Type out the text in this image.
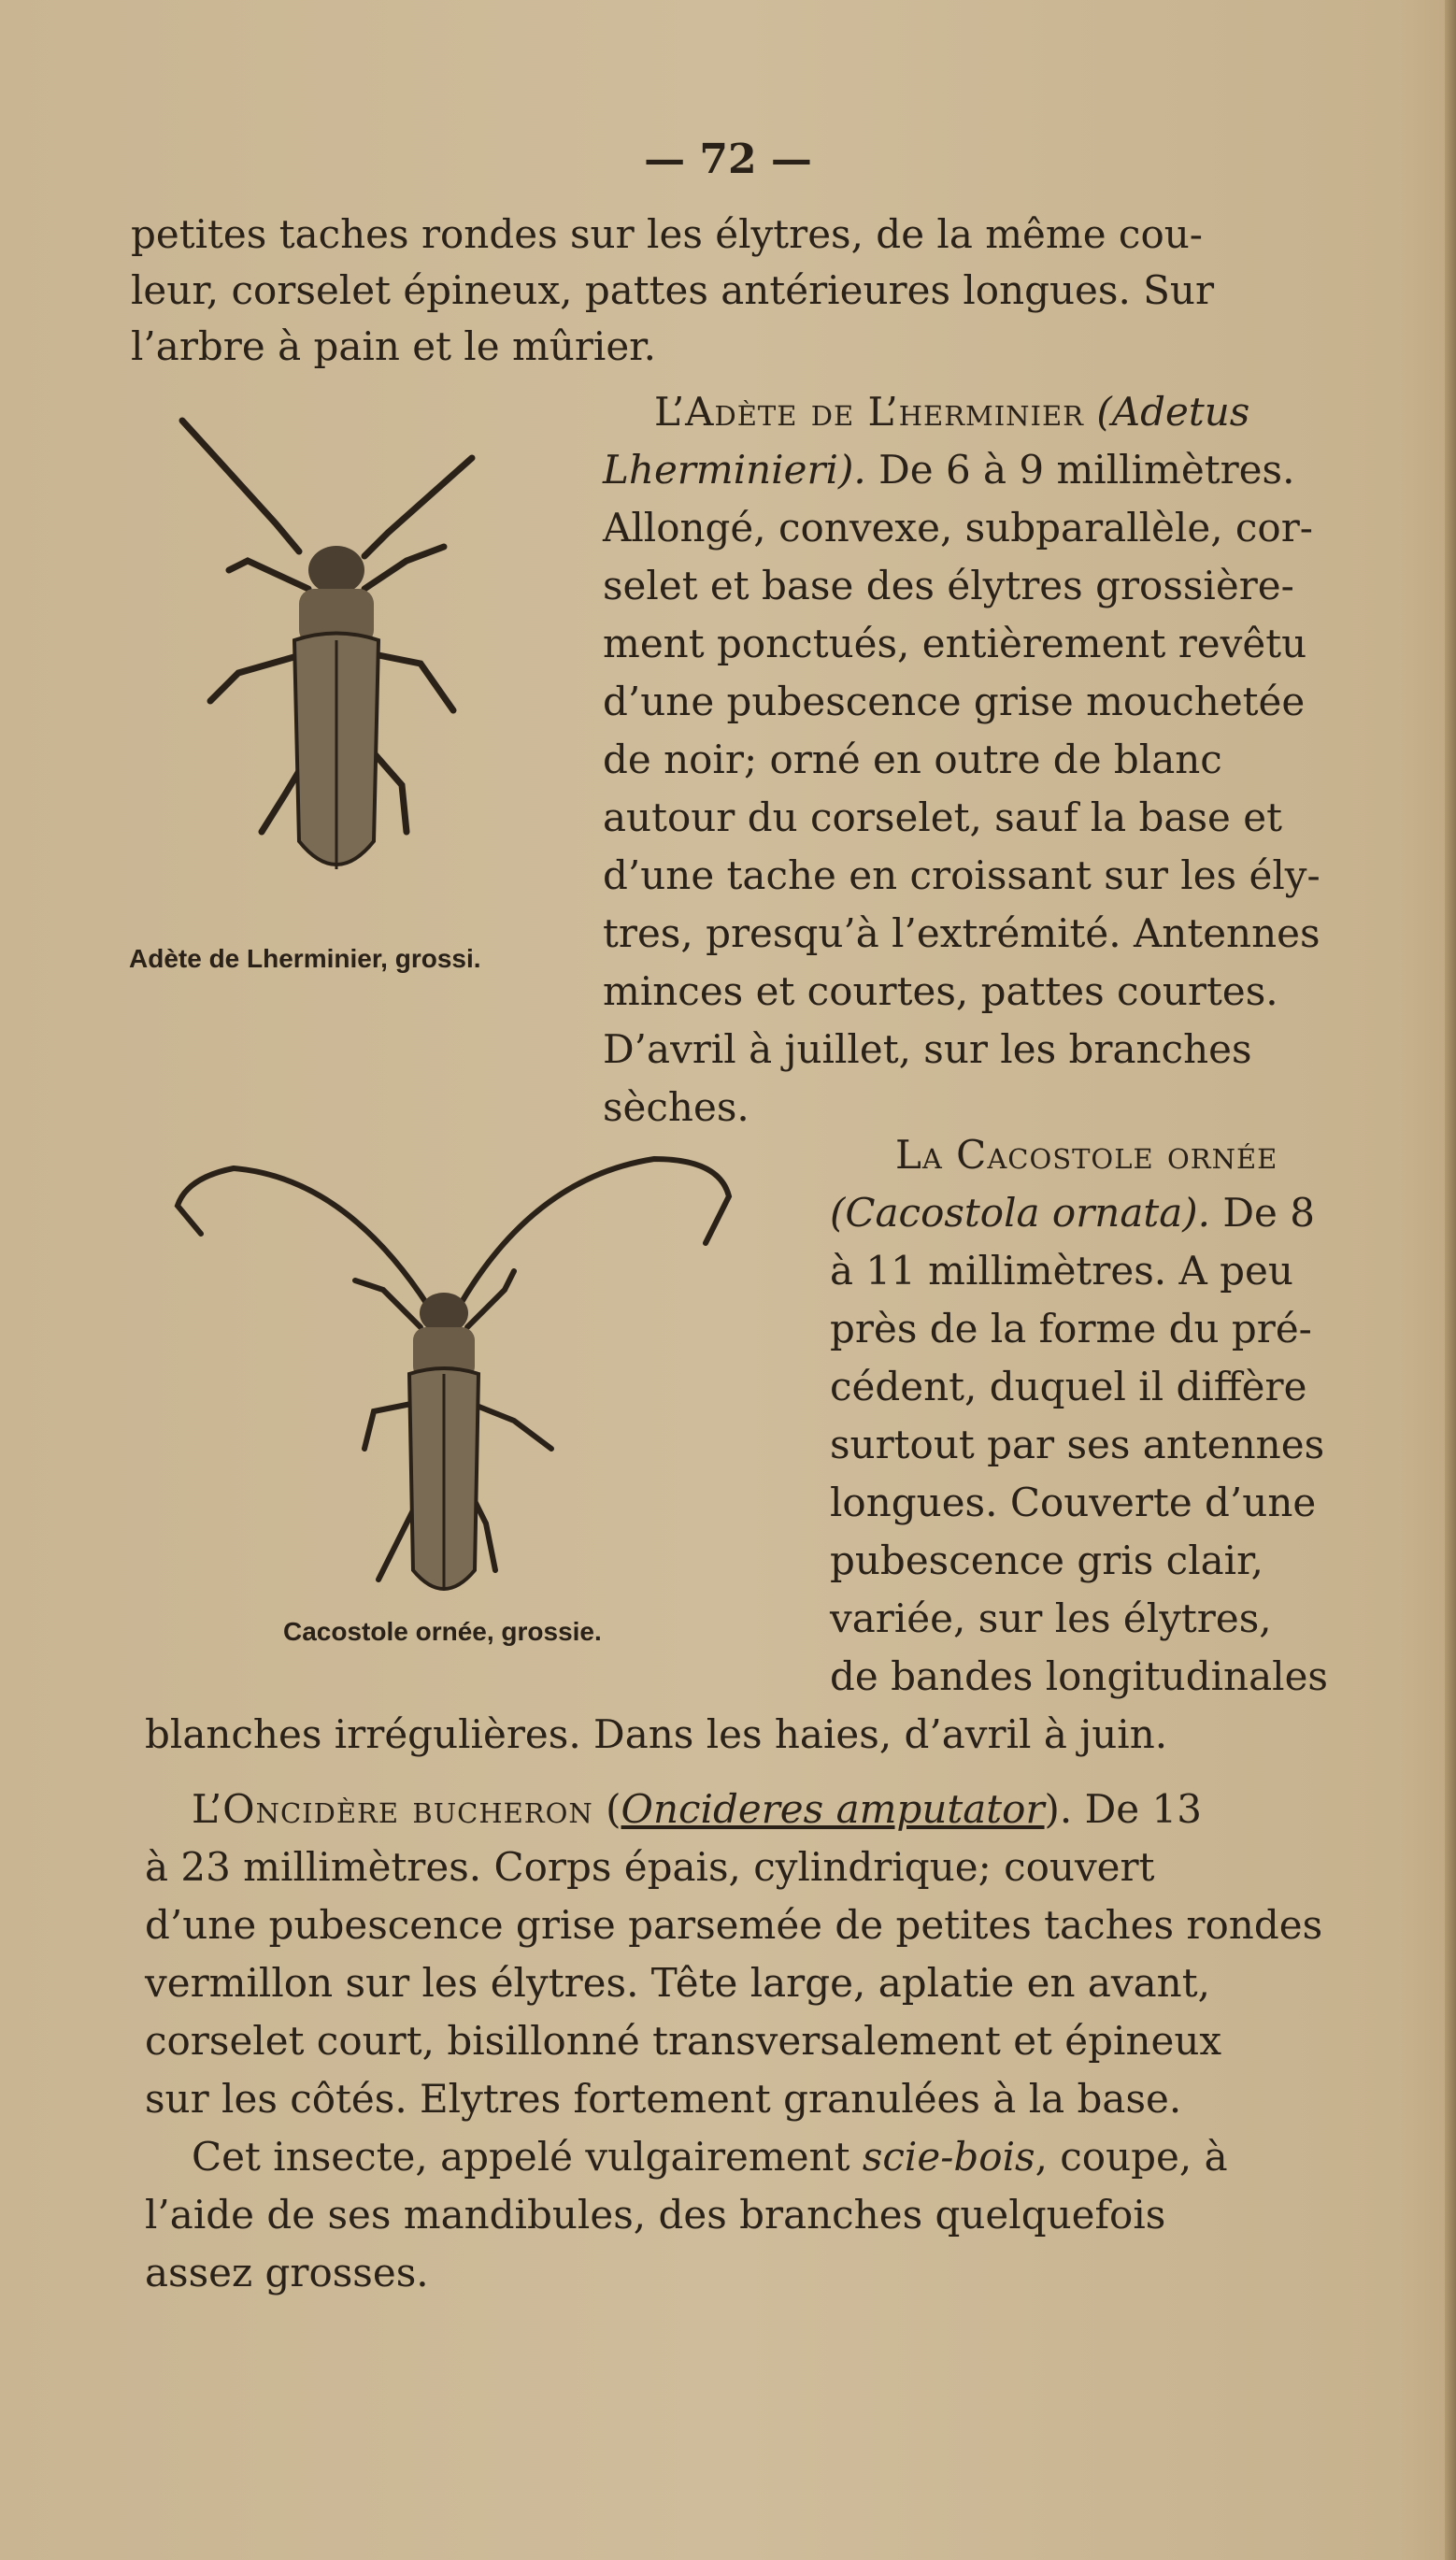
— 72 —

petites taches rondes sur les élytres, de la même cou-

leur, corselet épineux, pattes antérieures longues. Sur

l’arbre à pain et le mûrier.

Adète de Lherminier, grossi.

L’Adète de L’herminier (Adetus

Lherminieri). De 6 à 9 millimètres.

Allongé, convexe, subparallèle, cor-

selet et base des élytres grossière-

ment ponctués, entièrement revêtu

d’une pubescence grise mouchetée

de noir; orné en outre de blanc

autour du corselet, sauf la base et

d’une tache en croissant sur les ély-

tres, presqu’à l’extrémité. Antennes

minces et courtes, pattes courtes.

D’avril à juillet, sur les branches

sèches.

Cacostole ornée, grossie.

La Cacostole ornée

(Cacostola ornata). De 8

à 11 millimètres. A peu

près de la forme du pré-

cédent, duquel il diffère

surtout par ses antennes

longues. Couverte d’une

pubescence gris clair,

variée, sur les élytres,

de bandes longitudinales

blanches irrégulières. Dans les haies, d’avril à juin.

L’Oncidère bucheron (Oncideres amputator). De 13

à 23 millimètres. Corps épais, cylindrique; couvert

d’une pubescence grise parsemée de petites taches rondes

vermillon sur les élytres. Tête large, aplatie en avant,

corselet court, bisillonné transversalement et épineux

sur les côtés. Elytres fortement granulées à la base.

Cet insecte, appelé vulgairement scie-bois, coupe, à

l’aide de ses mandibules, des branches quelquefois

assez grosses.
